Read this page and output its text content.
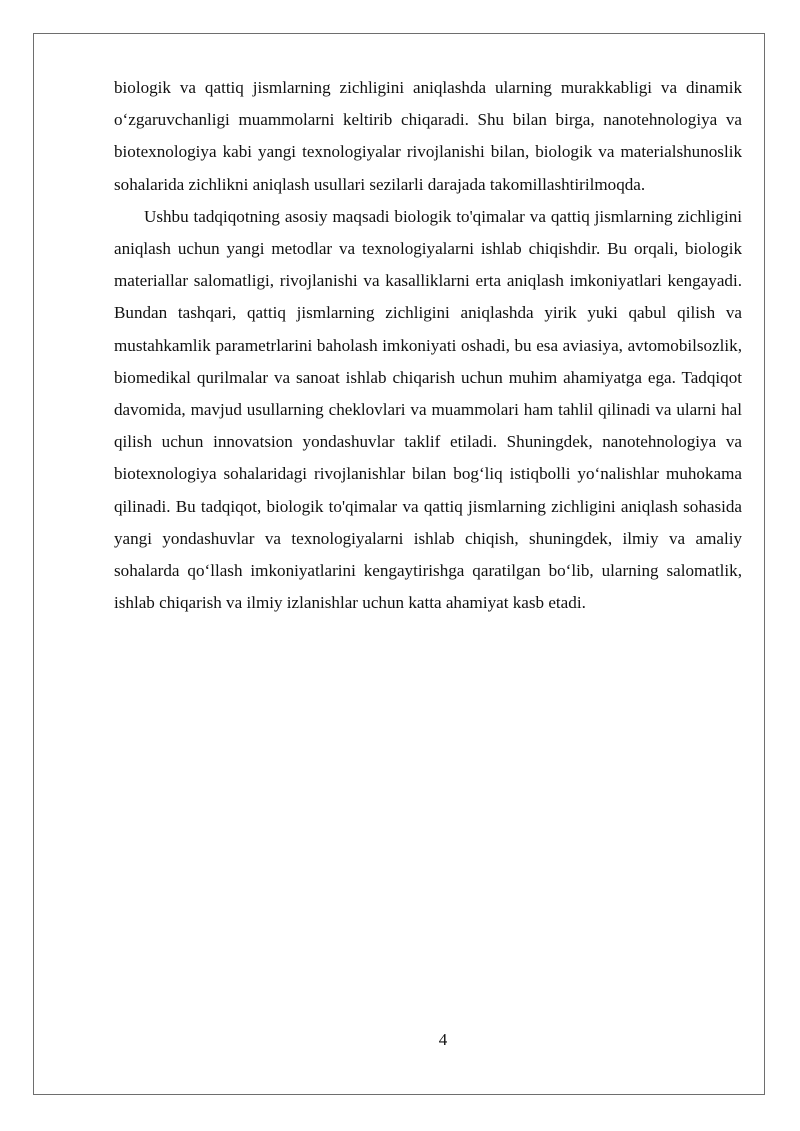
biologik va qattiq jismlarning zichligini aniqlashda ularning murakkabligi va dinamik o‘zgaruvchanligi muammolarni keltirib chiqaradi. Shu bilan birga, nanotehnologiya va biotexnologiya kabi yangi texnologiyalar rivojlanishi bilan, biologik va materialshunoslik sohalarida zichlikni aniqlash usullari sezilarli darajada takomillashtirilmoqda.

Ushbu tadqiqotning asosiy maqsadi biologik to'qimalar va qattiq jismlarning zichligini aniqlash uchun yangi metodlar va texnologiyalarni ishlab chiqishdir. Bu orqali, biologik materiallar salomatligi, rivojlanishi va kasalliklarni erta aniqlash imkoniyatlari kengayadi. Bundan tashqari, qattiq jismlarning zichligini aniqlashda yirik yuki qabul qilish va mustahkamlik parametrlarini baholash imkoniyati oshadi, bu esa aviasiya, avtomobilsozlik, biomedikal qurilmalar va sanoat ishlab chiqarish uchun muhim ahamiyatga ega. Tadqiqot davomida, mavjud usullarning cheklovlari va muammolari ham tahlil qilinadi va ularni hal qilish uchun innovatsion yondashuvlar taklif etiladi. Shuningdek, nanotehnologiya va biotexnologiya sohalaridagi rivojlanishlar bilan bog‘liq istiqbolli yo‘nalishlar muhokama qilinadi. Bu tadqiqot, biologik to'qimalar va qattiq jismlarning zichligini aniqlash sohasida yangi yondashuvlar va texnologiyalarni ishlab chiqish, shuningdek, ilmiy va amaliy sohalarda qo‘llash imkoniyatlarini kengaytirishga qaratilgan bo‘lib, ularning salomatlik, ishlab chiqarish va ilmiy izlanishlar uchun katta ahamiyat kasb etadi.

4
